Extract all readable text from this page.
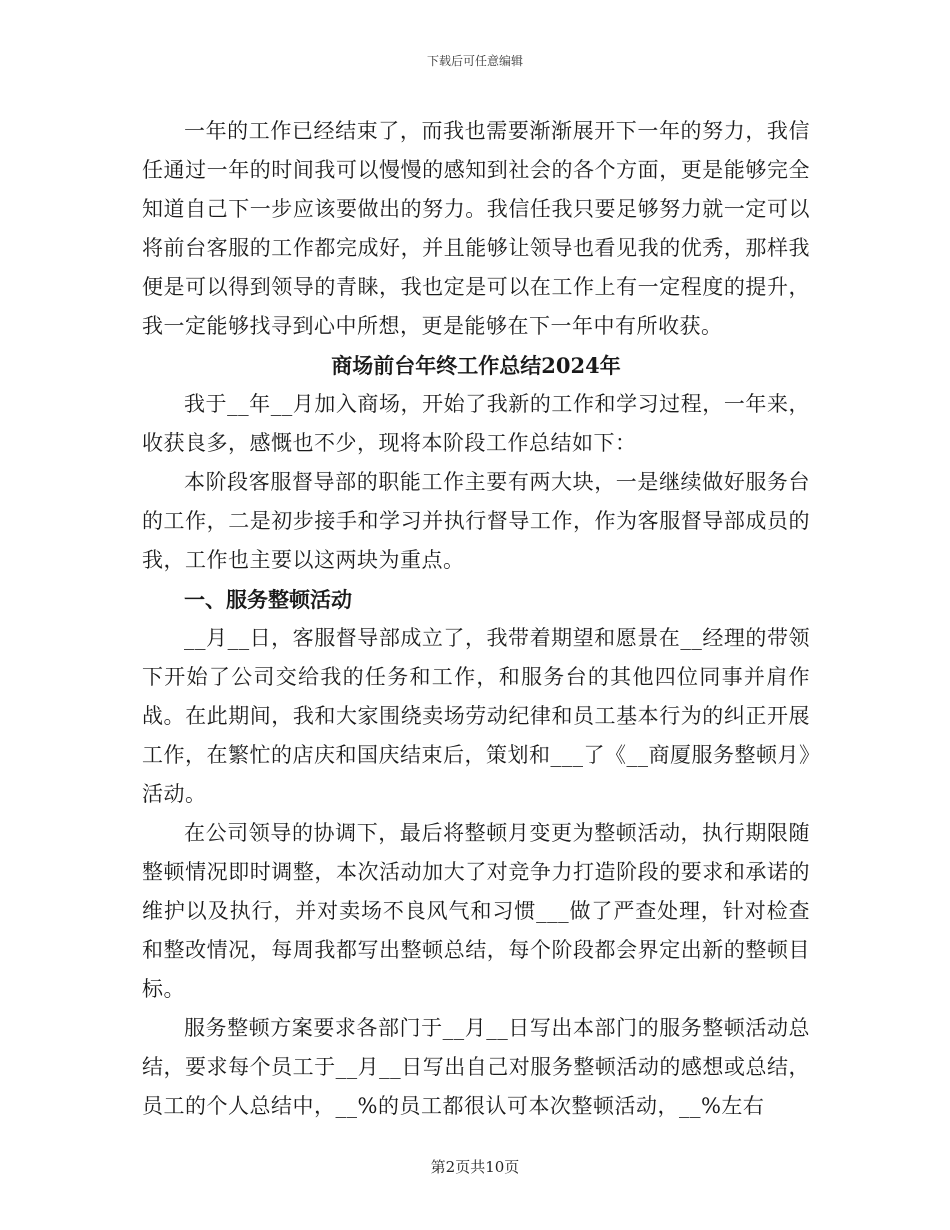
下载后可任意编辑

一年的工作已经结束了，而我也需要渐渐展开下一年的努力，我信任通过一年的时间我可以慢慢的感知到社会的各个方面，更是能够完全知道自己下一步应该要做出的努力。我信任我只要足够努力就一定可以将前台客服的工作都完成好，并且能够让领导也看见我的优秀，那样我便是可以得到领导的青睐，我也定是可以在工作上有一定程度的提升，我一定能够找寻到心中所想，更是能够在下一年中有所收获。

商场前台年终工作总结2024年

我于__年__月加入商场，开始了我新的工作和学习过程，一年来，收获良多，感慨也不少，现将本阶段工作总结如下：

本阶段客服督导部的职能工作主要有两大块，一是继续做好服务台的工作，二是初步接手和学习并执行督导工作，作为客服督导部成员的我，工作也主要以这两块为重点。

一、服务整顿活动

__月__日，客服督导部成立了，我带着期望和愿景在__经理的带领下开始了公司交给我的任务和工作，和服务台的其他四位同事并肩作战。在此期间，我和大家围绕卖场劳动纪律和员工基本行为的纠正开展工作，在繁忙的店庆和国庆结束后，策划和___了《__商厦服务整顿月》活动。

在公司领导的协调下，最后将整顿月变更为整顿活动，执行期限随整顿情况即时调整，本次活动加大了对竞争力打造阶段的要求和承诺的维护以及执行，并对卖场不良风气和习惯___做了严查处理，针对检查和整改情况，每周我都写出整顿总结，每个阶段都会界定出新的整顿目标。

服务整顿方案要求各部门于__月__日写出本部门的服务整顿活动总结，要求每个员工于__月__日写出自己对服务整顿活动的感想或总结，员工的个人总结中，__%的员工都很认可本次整顿活动，__%左右

第2页共10页
